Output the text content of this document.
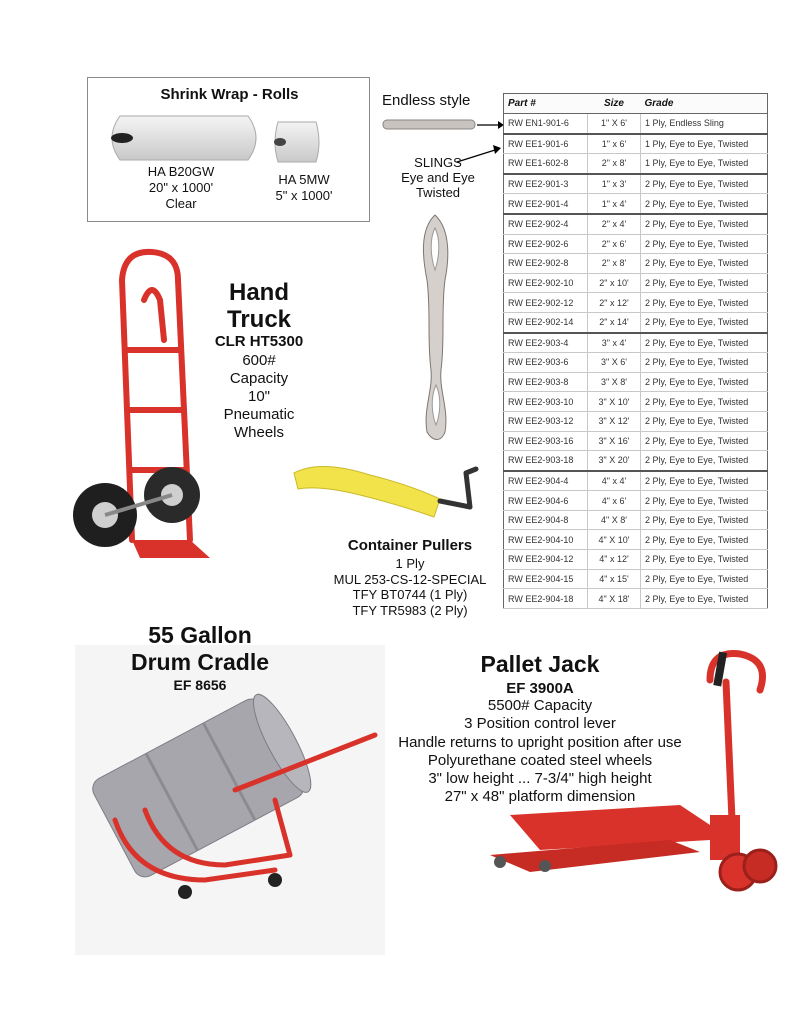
Shrink Wrap - Rolls
HA B20GW
20" x 1000'
Clear
HA 5MW
5" x 1000'
Endless style
SLINGS
Eye and Eye
Twisted
Part #	Size	Grade
RW EN1-901-6	1" X 6'	1 Ply, Endless Sling
RW EE1-901-6	1" x 6'	1 Ply, Eye to Eye, Twisted
RW EE1-602-8	2" x 8'	1 Ply, Eye to Eye, Twisted
RW EE2-901-3	1" x 3'	2 Ply, Eye to Eye, Twisted
RW EE2-901-4	1" x 4'	2 Ply, Eye to Eye, Twisted
RW EE2-902-4	2" x 4'	2 Ply, Eye to Eye, Twisted
RW EE2-902-6	2" x 6'	2 Ply, Eye to Eye, Twisted
RW EE2-902-8	2" x 8'	2 Ply, Eye to Eye, Twisted
RW EE2-902-10	2" x 10'	2 Ply, Eye to Eye, Twisted
RW EE2-902-12	2" x 12'	2 Ply, Eye to Eye, Twisted
RW EE2-902-14	2" x 14'	2 Ply, Eye to Eye, Twisted
RW EE2-903-4	3" x 4'	2 Ply, Eye to Eye, Twisted
RW EE2-903-6	3" X 6'	2 Ply, Eye to Eye, Twisted
RW EE2-903-8	3" X 8'	2 Ply, Eye to Eye, Twisted
RW EE2-903-10	3" X 10'	2 Ply, Eye to Eye, Twisted
RW EE2-903-12	3" X 12'	2 Ply, Eye to Eye, Twisted
RW EE2-903-16	3" X 16'	2 Ply, Eye to Eye, Twisted
RW EE2-903-18	3" X 20'	2 Ply, Eye to Eye, Twisted
RW EE2-904-4	4" x 4'	2 Ply, Eye to Eye, Twisted
RW EE2-904-6	4" x 6'	2 Ply, Eye to Eye, Twisted
RW EE2-904-8	4" X 8'	2 Ply, Eye to Eye, Twisted
RW EE2-904-10	4" X 10'	2 Ply, Eye to Eye, Twisted
RW EE2-904-12	4" x 12'	2 Ply, Eye to Eye, Twisted
RW EE2-904-15	4" x 15'	2 Ply, Eye to Eye, Twisted
RW EE2-904-18	4" X 18'	2 Ply, Eye to Eye, Twisted
Hand
Truck
CLR HT5300
600#
Capacity
10"
Pneumatic
Wheels
Container Pullers
1 Ply
MUL 253-CS-12-SPECIAL
TFY BT0744 (1 Ply)
TFY TR5983 (2 Ply)
55 Gallon
Drum Cradle
EF 8656
Pallet Jack
EF 3900A
5500# Capacity
3 Position control lever
Handle returns to upright position after use
Polyurethane coated steel wheels
3" low height ... 7-3/4" high height
27" x 48" platform dimension
